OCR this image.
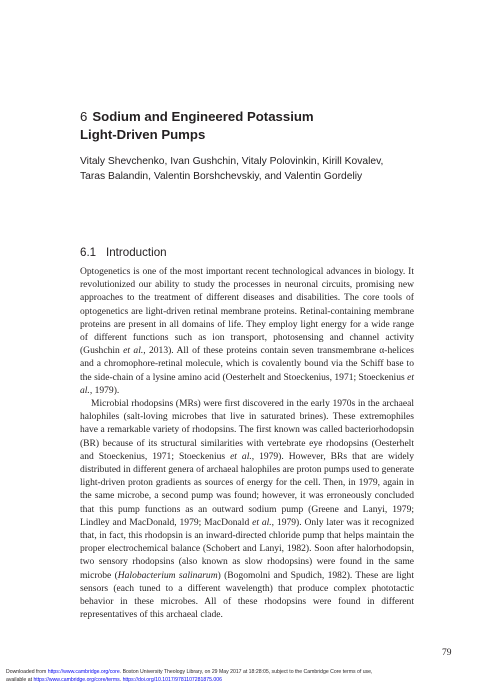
6 Sodium and Engineered Potassium
Light-Driven Pumps
Vitaly Shevchenko, Ivan Gushchin, Vitaly Polovinkin, Kirill Kovalev,
Taras Balandin, Valentin Borshchevskiy, and Valentin Gordeliy
6.1 Introduction

Optogenetics is one of the most important recent technological advances in biology. It revolutionized our ability to study the processes in neuronal circuits, promising new approaches to the treatment of different diseases and disabilities. The core tools of optogenetics are light-driven retinal membrane proteins. Retinal-containing membrane proteins are present in all domains of life. They employ light energy for a wide range of different functions such as ion transport, photosensing and channel activity (Gushchin et al., 2013). All of these proteins contain seven transmembrane α-helices and a chromophore-retinal molecule, which is covalently bound via the Schiff base to the side-chain of a lysine amino acid (Oesterhelt and Stoeckenius, 1971; Stoeckenius et al., 1979).

Microbial rhodopsins (MRs) were first discovered in the early 1970s in the archaeal halophiles (salt-loving microbes that live in saturated brines). These extremophiles have a remarkable variety of rhodopsins. The first known was called bacteriorhodopsin (BR) because of its structural similarities with vertebrate eye rhodopsins (Oesterhelt and Stoeckenius, 1971; Stoeckenius et al., 1979). However, BRs that are widely distributed in different genera of archaeal halophiles are proton pumps used to generate light-driven proton gradients as sources of energy for the cell. Then, in 1979, again in the same microbe, a second pump was found; however, it was erroneously concluded that this pump functions as an outward sodium pump (Greene and Lanyi, 1979; Lindley and MacDonald, 1979; MacDonald et al., 1979). Only later was it recognized that, in fact, this rhodopsin is an inward-directed chloride pump that helps maintain the proper electrochemical balance (Schobert and Lanyi, 1982). Soon after halorhodopsin, two sensory rhodopsins (also known as slow rhodopsins) were found in the same microbe (Halobacterium salinarum) (Bogomolni and Spudich, 1982). These are light sensors (each tuned to a different wavelength) that produce complex phototactic behavior in these microbes. All of these rhodopsins were found in different representatives of this archaeal clade.

79
Downloaded from https://www.cambridge.org/core. Boston University Theology Library, on 29 May 2017 at 18:28:05, subject to the Cambridge Core terms of use,
available at https://www.cambridge.org/core/terms. https://doi.org/10.1017/9781107281875.006
